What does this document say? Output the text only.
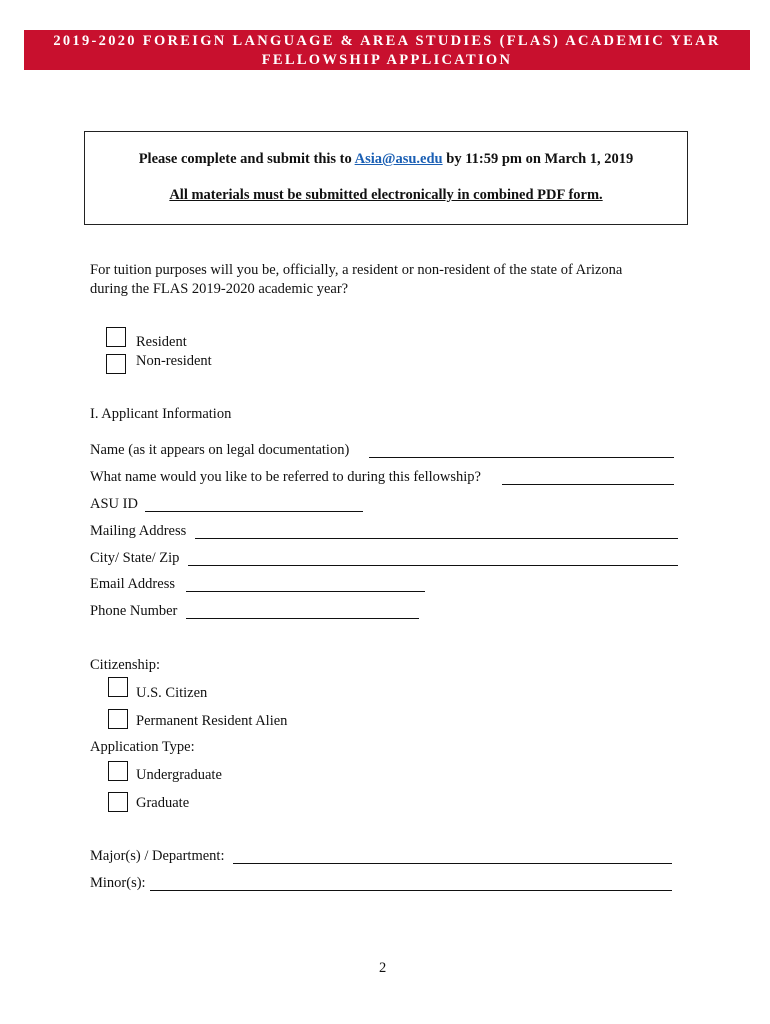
2019-2020 FOREIGN LANGUAGE & AREA STUDIES (FLAS) ACADEMIC YEAR
FELLOWSHIP APPLICATION
Please complete and submit this to Asia@asu.edu by 11:59 pm on March 1, 2019
All materials must be submitted electronically in combined PDF form.
For tuition purposes will you be, officially, a resident or non-resident of the state of Arizona
during the FLAS 2019-2020 academic year?
Resident
Non-resident
I. Applicant Information
Name (as it appears on legal documentation)
What name would you like to be referred to during this fellowship?
ASU ID
Mailing Address
City/ State/ Zip
Email Address
Phone Number
Citizenship:
U.S. Citizen
Permanent Resident Alien
Application Type:
Undergraduate
Graduate
Major(s) / Department:
Minor(s):
2
